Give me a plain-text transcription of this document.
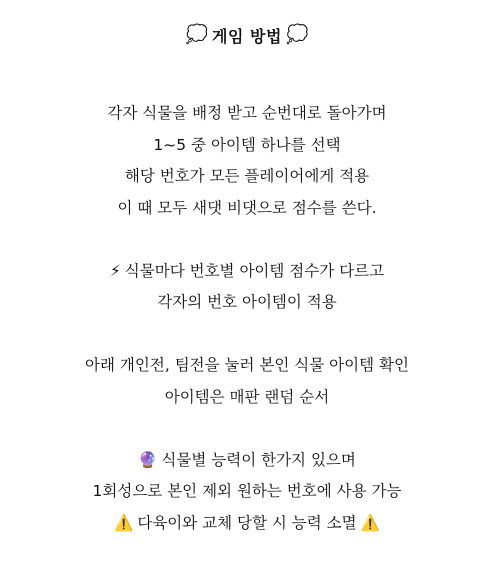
💭 게임 방법 💭
각자 식물을 배정 받고 순번대로 돌아가며
1~5 중 아이템 하나를 선택
해당 번호가 모든 플레이어에게 적용
이 때 모두 새댓 비댓으로 점수를 쓴다.
⚡ 식물마다 번호별 아이템 점수가 다르고
각자의 번호 아이템이 적용
아래 개인전, 팀전을 눌러 본인 식물 아이템 확인
아이템은 매판 랜덤 순서
🔮 식물별 능력이 한가지 있으며
1회성으로 본인 제외 원하는 번호에 사용 가능
⚠️ 다육이와 교체 당할 시 능력 소멸 ⚠️
